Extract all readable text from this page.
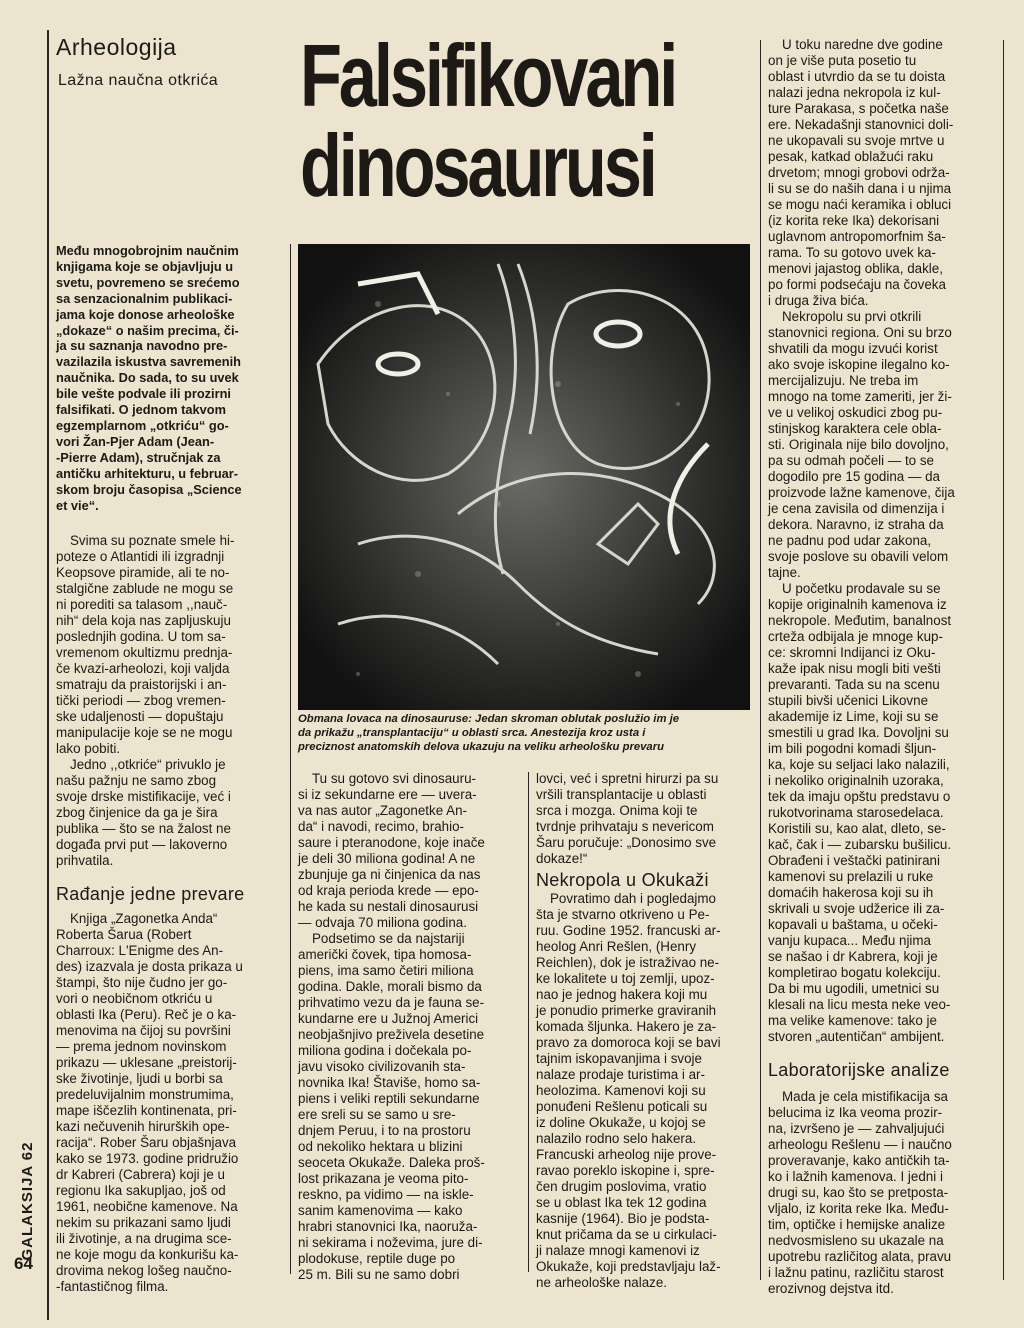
Arheologija
Lažna naučna otkrića Falsifikovani
dinosaurusi

Među mnogobrojnim naučnim
knjigama koje se objavljuju u
svetu, povremeno se srećemo
sa senzacionalnim publikaci-
jama koje donose arheološke
„dokaze“ o našim precima, či-
ja su saznanja navodno pre-
vazilazila iskustva savremenih
naučnika. Do sada, to su uvek
bile vešte podvale ili prozirni
falsifikati. O jednom takvom
egzemplarnom „otkriću“ go-
vori Žan-Pjer Adam (Jean-
-Pierre Adam), stručnjak za
antičku arhitekturu, u februar-
skom broju časopisa „Science
et vie“.

Svima su poznate smele hi-
poteze o Atlantidi ili izgradnji
Keopsove piramide, ali te no-
stalgične zablude ne mogu se
ni porediti sa talasom ,,nauč-
nih“ dela koja nas zapljuskuju
poslednjih godina. U tom sa-
vremenom okultizmu prednja-
če kvazi-arheolozi, koji valjda
smatraju da praistorijski i an-
tički periodi — zbog vremen-
ske udaljenosti — dopuštaju
manipulacije koje se ne mogu
lako pobiti.

Jedno ,,otkriće“ privuklo je
našu pažnju ne samo zbog
svoje drske mistifikacije, već i
zbog činjenice da ga je šira
publika — što se na žalost ne
događa prvi put — lakoverno
prihvatila.

Rađanje jedne prevare

Knjiga „Zagonetka Anda“
Roberta Šarua (Robert
Charroux: L'Enigme des An-
des) izazvala je dosta prikaza u
štampi, što nije čudno jer go-
vori o neobičnom otkriću u
oblasti Ika (Peru). Reč je o ka-
menovima na čijoj su površini
— prema jednom novinskom
prikazu — uklesane „preistorij-
ske životinje, ljudi u borbi sa
predeluvijalnim monstrumima,
mape iščezlih kontinenata, pri-
kazi nečuvenih hirurških ope-
racija“. Rober Šaru objašnjava
kako se 1973. godine pridružio
dr Kabreri (Cabrera) koji je u
regionu Ika sakupljao, još od
1961, neobične kamenove. Na
nekim su prikazani samo ljudi
ili životinje, a na drugima sce-
ne koje mogu da konkurišu ka-
drovima nekog lošeg naučno-
-fantastičnog filma.

Obmana lovaca na dinosauruse: Jedan skroman oblutak poslužio im je
da prikažu „transplantaciju“ u oblasti srca. Anestezija kroz usta i
preciznost anatomskih delova ukazuju na veliku arheološku prevaru

Tu su gotovo svi dinosauru-
si iz sekundarne ere — uvera-
va nas autor „Zagonetke An-
da“ i navodi, recimo, brahio-
saure i pteranodone, koje inače
je deli 30 miliona godina! A ne
zbunjuje ga ni činjenica da nas
od kraja perioda krede — epo-
he kada su nestali dinosaurusi
— odvaja 70 miliona godina.

Podsetimo se da najstariji
američki čovek, tipa homosa-
piens, ima samo četiri miliona
godina. Dakle, morali bismo da
prihvatimo vezu da je fauna se-
kundarne ere u Južnoj Americi
neobjašnjivo preživela desetine
miliona godina i dočekala po-
javu visoko civilizovanih sta-
novnika Ika! Štaviše, homo sa-
piens i veliki reptili sekundarne
ere sreli su se samo u sre-
dnjem Peruu, i to na prostoru
od nekoliko hektara u blizini
seoceta Okukaže. Daleka proš-
lost prikazana je veoma pito-
reskno, pa vidimo — na iskle-
sanim kamenovima — kako
hrabri stanovnici Ika, naoruža-
ni sekirama i noževima, jure di-
plodokuse, reptile duge po
25 m. Bili su ne samo dobri

lovci, već i spretni hirurzi pa su
vršili transplantacije u oblasti
srca i mozga. Onima koji te
tvrdnje prihvataju s nevericom
Šaru poručuje: „Donosimo sve
dokaze!“

Nekropola u Okukaži

Povratimo dah i pogledajmo
šta je stvarno otkriveno u Pe-
ruu. Godine 1952. francuski ar-
heolog Anri Rešlen, (Henry
Reichlen), dok je istraživao ne-
ke lokalitete u toj zemlji, upoz-
nao je jednog hakera koji mu
je ponudio primerke graviranih
komada šljunka. Hakero je za-
pravo za domoroca koji se bavi
tajnim iskopavanjima i svoje
nalaze prodaje turistima i ar-
heolozima. Kamenovi koji su
ponuđeni Rešlenu poticali su
iz doline Okukaže, u kojoj se
nalazilo rodno selo hakera.
Francuski arheolog nije prove-
ravao poreklo iskopine i, spre-
čen drugim poslovima, vratio
se u oblast Ika tek 12 godina
kasnije (1964). Bio je podsta-
knut pričama da se u cirkulaci-
ji nalaze mnogi kamenovi iz
Okukaže, koji predstavljaju laž-
ne arheološke nalaze.

U toku naredne dve godine
on je više puta posetio tu
oblast i utvrdio da se tu doista
nalazi jedna nekropola iz kul-
ture Parakasa, s početka naše
ere. Nekadašnji stanovnici doli-
ne ukopavali su svoje mrtve u
pesak, katkad oblažući raku
drvetom; mnogi grobovi održa-
li su se do naših dana i u njima
se mogu naći keramika i obluci
(iz korita reke Ika) dekorisani
uglavnom antropomorfnim ša-
rama. To su gotovo uvek ka-
menovi jajastog oblika, dakle,
po formi podsećaju na čoveka
i druga živa bića.

Nekropolu su prvi otkrili
stanovnici regiona. Oni su brzo
shvatili da mogu izvući korist
ako svoje iskopine ilegalno ko-
mercijalizuju. Ne treba im
mnogo na tome zameriti, jer ži-
ve u velikoj oskudici zbog pu-
stinjskog karaktera cele obla-
sti. Originala nije bilo dovoljno,
pa su odmah počeli — to se
dogodilo pre 15 godina — da
proizvode lažne kamenove, čija
je cena zavisila od dimenzija i
dekora. Naravno, iz straha da
ne padnu pod udar zakona,
svoje poslove su obavili velom
tajne.

U početku prodavale su se
kopije originalnih kamenova iz
nekropole. Međutim, banalnost
crteža odbijala je mnoge kup-
ce: skromni Indijanci iz Oku-
kaže ipak nisu mogli biti vešti
prevaranti. Tada su na scenu
stupili bivši učenici Likovne
akademije iz Lime, koji su se
smestili u grad Ika. Dovoljni su
im bili pogodni komadi šljun-
ka, koje su seljaci lako nalazili,
i nekoliko originalnih uzoraka,
tek da imaju opštu predstavu o
rukotvorinama starosedelaca.
Koristili su, kao alat, dleto, se-
kač, čak i — zubarsku bušilicu.
Obrađeni i veštački patinirani
kamenovi su prelazili u ruke
domaćih hakerosa koji su ih
skrivali u svoje udžerice ili za-
kopavali u baštama, u očeki-
vanju kupaca... Među njima
se našao i dr Kabrera, koji je
kompletirao bogatu kolekciju.
Da bi mu ugodili, umetnici su
klesali na licu mesta nekе veo-
ma velike kamenove: tako je
stvoren „autentičan“ ambijent.

Laboratorijske analize

Mada je cela mistifikacija sa
belucima iz Ika veoma prozir-
na, izvršeno je — zahvaljujući
arheologu Rešlenu — i naučno
proveravanje, kako antičkih ta-
ko i lažnih kamenova. I jedni i
drugi su, kao što se pretposta-
vljalo, iz korita reke Ika. Među-
tim, optičke i hemijske analize
nedvosmisleno su ukazale na
upotrebu različitog alata, pravu
i lažnu patinu, različitu starost
erozivnog dejstva itd.

GALAKSIJA 62
64
